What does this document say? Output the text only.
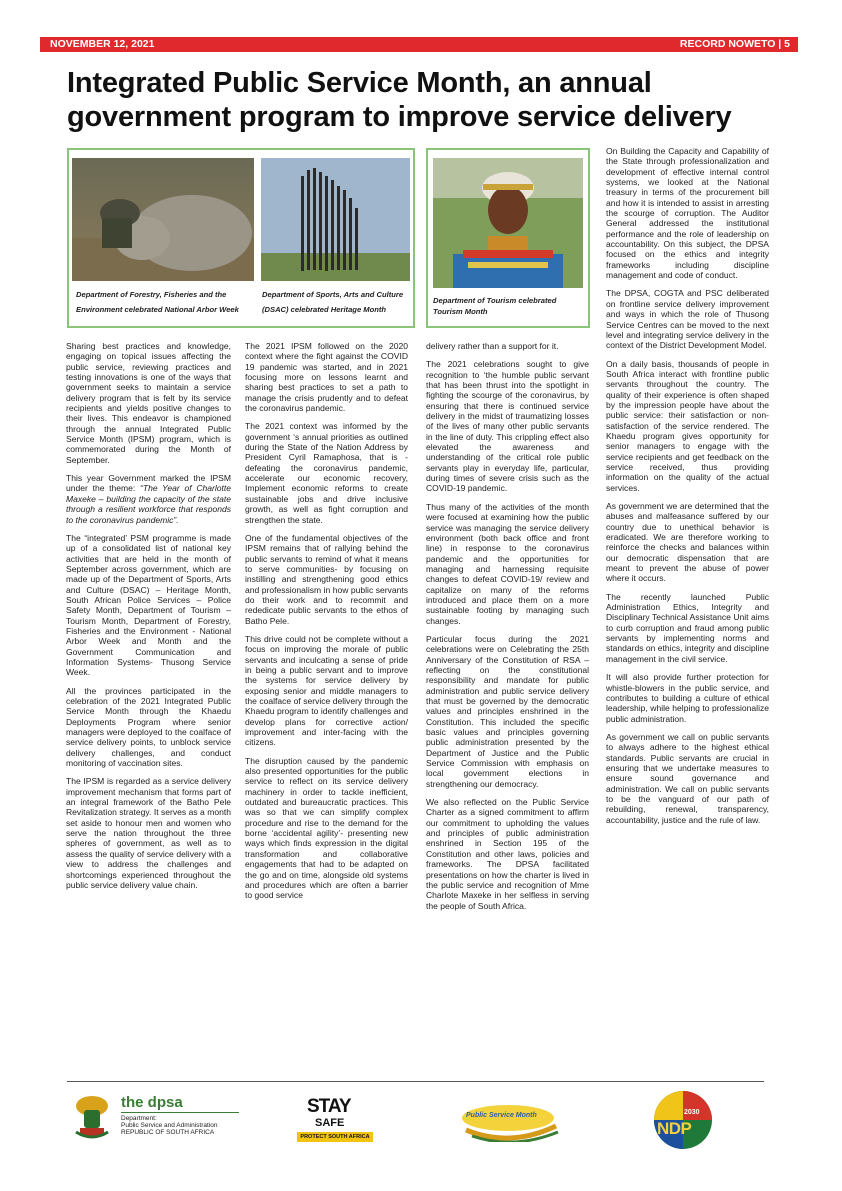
NOVEMBER 12, 2021	RECORD NOWETO | 5
Integrated Public Service Month, an annual government program to improve service delivery
Department of Forestry, Fisheries and the Environment celebrated National Arbor Week
Department of Sports, Arts and Culture (DSAC) celebrated Heritage Month
Department of Tourism celebrated Tourism Month

Sharing best practices and knowledge, engaging on topical issues affecting the public service, reviewing practices and testing innovations is one of the ways that government seeks to maintain a service delivery program that is felt by its service recipients and yields positive changes to their lives. This endeavor is championed through the annual Integrated Public Service Month (IPSM) program, which is commemorated during the Month of September.

This year Government marked the IPSM under the theme: “The Year of Charlotte Maxeke – building the capacity of the state through a resilient workforce that responds to the coronavirus pandemic”.

The “integrated’ PSM programme is made up of a consolidated list of national key activities that are held in the month of September across government, which are made up of the Department of Sports, Arts and Culture (DSAC) – Heritage Month, South African Police Services – Police Safety Month, Department of Tourism – Tourism Month, Department of Forestry, Fisheries and the Environment - National Arbor Week and Month and the Government Communication and Information Systems- Thusong Service Week.

All the provinces participated in the celebration of the 2021 Integrated Public Service Month through the Khaedu Deployments Program where senior managers were deployed to the coalface of service delivery points, to unblock service delivery challenges, and conduct monitoring of vaccination sites.

The IPSM is regarded as a service delivery improvement mechanism that forms part of an integral framework of the Batho Pele Revitalization strategy. It serves as a month set aside to honour men and women who serve the nation throughout the three spheres of government, as well as to assess the quality of service delivery with a view to address the challenges and shortcomings experienced throughout the public service delivery value chain.

The 2021 IPSM followed on the 2020 context where the fight against the COVID 19 pandemic was started, and in 2021 focusing more on lessons learnt and sharing best practices to set a path to manage the crisis prudently and to defeat the coronavirus pandemic.

The 2021 context was informed by the government ‘s annual priorities as outlined during the State of the Nation Address by President Cyril Ramaphosa, that is - defeating the coronavirus pandemic, accelerate our economic recovery, Implement economic reforms to create sustainable jobs and drive inclusive growth, as well as fight corruption and strengthen the state.

One of the fundamental objectives of the IPSM remains that of rallying behind the public servants to remind of what it means to serve communities- by focusing on instilling and strengthening good ethics and professionalism in how public servants do their work and to recommit and rededicate public servants to the ethos of Batho Pele.

This drive could not be complete without a focus on improving the morale of public servants and inculcating a sense of pride in being a public servant and to improve the systems for service delivery by exposing senior and middle managers to the coalface of service delivery through the Khaedu program to identify challenges and develop plans for corrective action/ improvement and inter-facing with the citizens.

The disruption caused by the pandemic also presented opportunities for the public service to reflect on its service delivery machinery in order to tackle inefficient, outdated and bureaucratic practices. This was so that we can simplify complex procedure and rise to the demand for the borne ‘accidental agility’- presenting new ways which finds expression in the digital transformation and collaborative engagements that had to be adapted on the go and on time, alongside old systems and procedures which are often a barrier to good service

delivery rather than a support for it.

The 2021 celebrations sought to give recognition to ‘the humble public servant that has been thrust into the spotlight in fighting the scourge of the coronavirus, by ensuring that there is continued service delivery in the midst of traumatizing losses of the lives of many other public servants in the line of duty. This crippling effect also elevated the awareness and understanding of the critical role public servants play in everyday life, particular, during times of severe crisis such as the COVID-19 pandemic.

Thus many of the activities of the month were focused at examining how the public service was managing the service delivery environment (both back office and front line) in response to the coronavirus pandemic and the opportunities for managing and harnessing requisite changes to defeat COVID-19/ review and capitalize on many of the reforms introduced and place them on a more sustainable footing by managing such changes.

Particular focus during the 2021 celebrations were on Celebrating the 25th Anniversary of the Constitution of RSA – reflecting on the constitutional responsibility and mandate for public administration and public service delivery that must be governed by the democratic values and principles enshrined in the Constitution. This included the specific basic values and principles governing public administration presented by the Department of Justice and the Public Service Commission with emphasis on local government elections in strengthening our democracy.

We also reflected on the Public Service Charter as a signed commitment to affirm our commitment to upholding the values and principles of public administration enshrined in Section 195 of the Constitution and other laws, policies and frameworks. The DPSA facilitated presentations on how the charter is lived in the public service and recognition of Mme Charlote Maxeke in her selfless in serving the people of South Africa.

On Building the Capacity and Capability of the State through professionalization and development of effective internal control systems, we looked at the National treasury in terms of the procurement bill and how it is intended to assist in arresting the scourge of corruption. The Auditor General addressed the institutional performance and the role of leadership on accountability. On this subject, the DPSA focused on the ethics and integrity frameworks including discipline management and code of conduct.

The DPSA, COGTA and PSC deliberated on frontline service delivery improvement and ways in which the role of Thusong Service Centres can be moved to the next level and integrating service delivery in the context of the District Development Model.

On a daily basis, thousands of people in South Africa interact with frontline public servants throughout the country. The quality of their experience is often shaped by the impression people have about the public service: their satisfaction or non-satisfaction of the service rendered. The Khaedu program gives opportunity for senior managers to engage with the service recipients and get feedback on the service received, thus providing information on the quality of the actual services.

As government we are determined that the abuses and malfeasance suffered by our country due to unethical behavior is eradicated. We are therefore working to reinforce the checks and balances within our democratic dispensation that are meant to prevent the abuse of power where it occurs.

The recently launched Public Administration Ethics, Integrity and Disciplinary Technical Assistance Unit aims to curb corruption and fraud among public servants by implementing norms and standards on ethics, integrity and discipline management in the civil service.

It will also provide further protection for whistle-blowers in the public service, and contributes to building a culture of ethical leadership, while helping to professionalize public administration.

As government we call on public servants to always adhere to the highest ethical standards. Public servants are crucial in ensuring that we undertake measures to ensure sound governance and administration. We call on public servants to be the vanguard of our path of rebuilding, renewal, transparency, accountability, justice and the rule of law.

the dpsa
Department:
Public Service and Administration
REPUBLIC OF SOUTH AFRICA
STAY
SAFE
PROTECT SOUTH AFRICA
Public Service Month	2030
NDP
